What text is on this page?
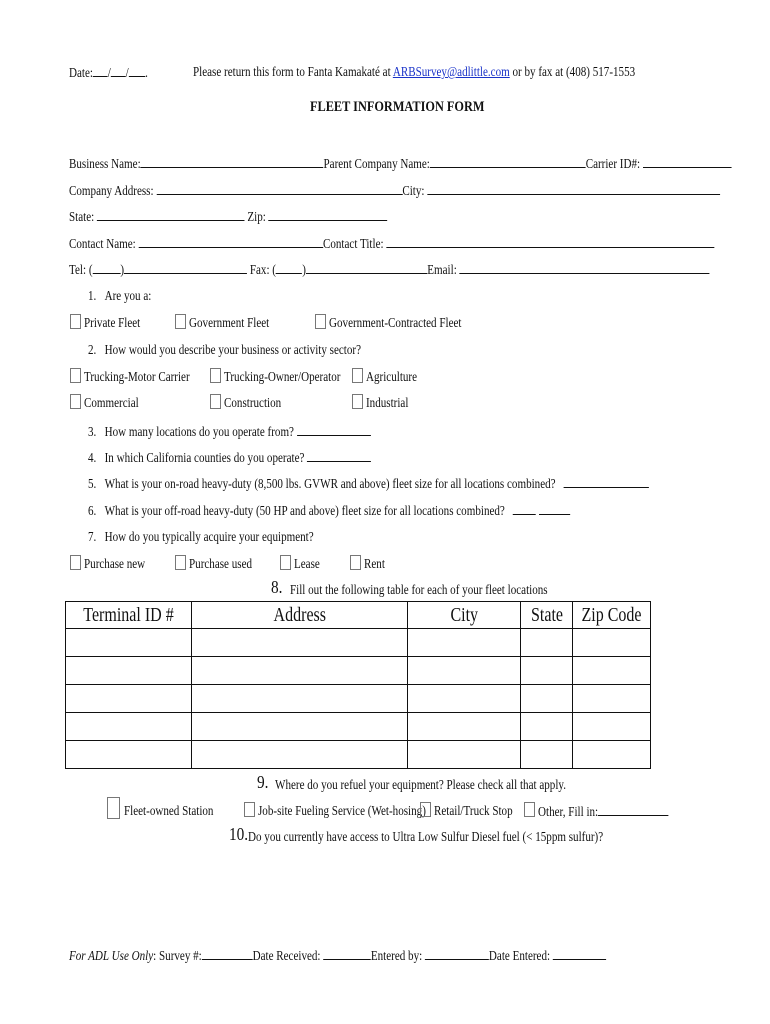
Date: / / .	Please return this form to Fanta Kamakaté at ARBSurvey@adlittle.com or by fax at (408) 517-1553
FLEET INFORMATION FORM
Business Name:	Parent Company Name:	Carrier ID#:
Company Address:	City:
State:	Zip:
Contact Name:	Contact Title:
Tel: ( )	Fax: ( )	Email:
1. Are you a:
Private Fleet	Government Fleet	Government-Contracted Fleet
2. How would you describe your business or activity sector?
Trucking-Motor Carrier	Trucking-Owner/Operator Agriculture
Commercial	Construction	Industrial
3. How many locations do you operate from?
4. In which California counties do you operate?
5. What is your on-road heavy-duty (8,500 lbs. GVWR and above) fleet size for all locations combined?
6. What is your off-road heavy-duty (50 HP and above) fleet size for all locations combined?
7. How do you typically acquire your equipment?
Purchase new	Purchase used	Lease	Rent
8. Fill out the following table for each of your fleet locations
Terminal ID #	Address	City	State	Zip Code

9. Where do you refuel your equipment? Please check all that apply.
Fleet-owned Station	Job-site Fueling Service (Wet-hosing) Retail/Truck Stop Other, Fill in:
10. Do you currently have access to Ultra Low Sulfur Diesel fuel (< 15ppm sulfur)?
For ADL Use Only: Survey #:	Date Received:	Entered by:	Date Entered:
